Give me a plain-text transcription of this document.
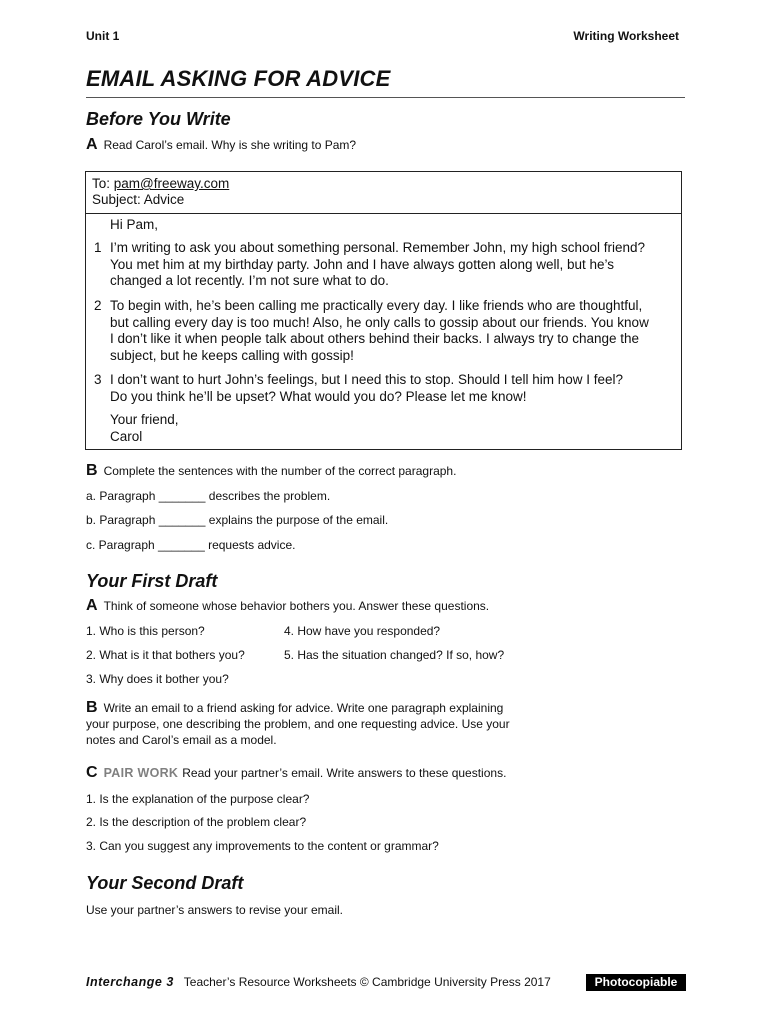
Unit 1	Writing Worksheet
EMAIL ASKING FOR ADVICE
Before You Write
A Read Carol’s email. Why is she writing to Pam?
To: pam@freeway.com
Subject: Advice
Hi Pam,
1 I’m writing to ask you about something personal. Remember John, my high school friend?
You met him at my birthday party. John and I have always gotten along well, but he’s
changed a lot recently. I’m not sure what to do.
2 To begin with, he’s been calling me practically every day. I like friends who are thoughtful,
but calling every day is too much! Also, he only calls to gossip about our friends. You know
I don’t like it when people talk about others behind their backs. I always try to change the
subject, but he keeps calling with gossip!
3 I don’t want to hurt John’s feelings, but I need this to stop. Should I tell him how I feel?
Do you think he’ll be upset? What would you do? Please let me know!
Your friend,
Carol
B Complete the sentences with the number of the correct paragraph.
a. Paragraph _______ describes the problem.
b. Paragraph _______ explains the purpose of the email.
c. Paragraph _______ requests advice.
Your First Draft
A Think of someone whose behavior bothers you. Answer these questions.
1. Who is this person?
2. What is it that bothers you?
3. Why does it bother you?
4. How have you responded?
5. Has the situation changed? If so, how?
B Write an email to a friend asking for advice. Write one paragraph explaining
your purpose, one describing the problem, and one requesting advice. Use your
notes and Carol’s email as a model.
C PAIR WORK Read your partner’s email. Write answers to these questions.
1. Is the explanation of the purpose clear?
2. Is the description of the problem clear?
3. Can you suggest any improvements to the content or grammar?
Your Second Draft
Use your partner’s answers to revise your email.
Interchange 3 Teacher’s Resource Worksheets © Cambridge University Press 2017	Photocopiable
